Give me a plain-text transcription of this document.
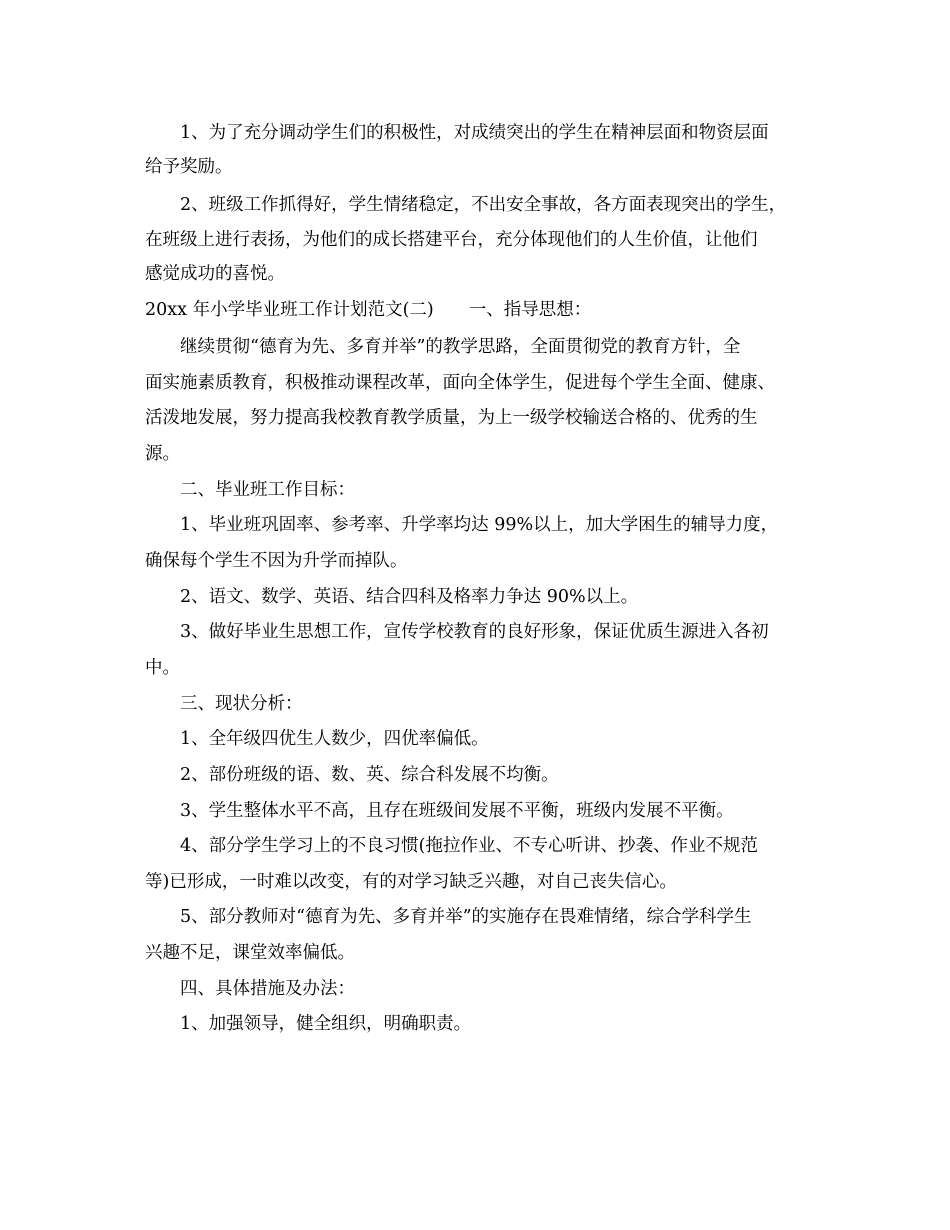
1、为了充分调动学生们的积极性，对成绩突出的学生在精神层面和物资层面
给予奖励。
2、班级工作抓得好，学生情绪稳定，不出安全事故，各方面表现突出的学生，
在班级上进行表扬，为他们的成长搭建平台，充分体现他们的人生价值，让他们
感觉成功的喜悦。
20xx 年小学毕业班工作计划范文(二)　　一、指导思想：
继续贯彻“德育为先、多育并举”的教学思路，全面贯彻党的教育方针，全
面实施素质教育，积极推动课程改革，面向全体学生，促进每个学生全面、健康、
活泼地发展，努力提高我校教育教学质量，为上一级学校输送合格的、优秀的生
源。
二、毕业班工作目标：
1、毕业班巩固率、参考率、升学率均达 99%以上，加大学困生的辅导力度，
确保每个学生不因为升学而掉队。
2、语文、数学、英语、结合四科及格率力争达 90%以上。
3、做好毕业生思想工作，宣传学校教育的良好形象，保证优质生源进入各初
中。
三、现状分析：
1、全年级四优生人数少，四优率偏低。
2、部份班级的语、数、英、综合科发展不均衡。
3、学生整体水平不高，且存在班级间发展不平衡，班级内发展不平衡。
4、部分学生学习上的不良习惯(拖拉作业、不专心听讲、抄袭、作业不规范
等)已形成，一时难以改变，有的对学习缺乏兴趣，对自己丧失信心。
5、部分教师对“德育为先、多育并举”的实施存在畏难情绪，综合学科学生
兴趣不足，课堂效率偏低。
四、具体措施及办法：
1、加强领导，健全组织，明确职责。
